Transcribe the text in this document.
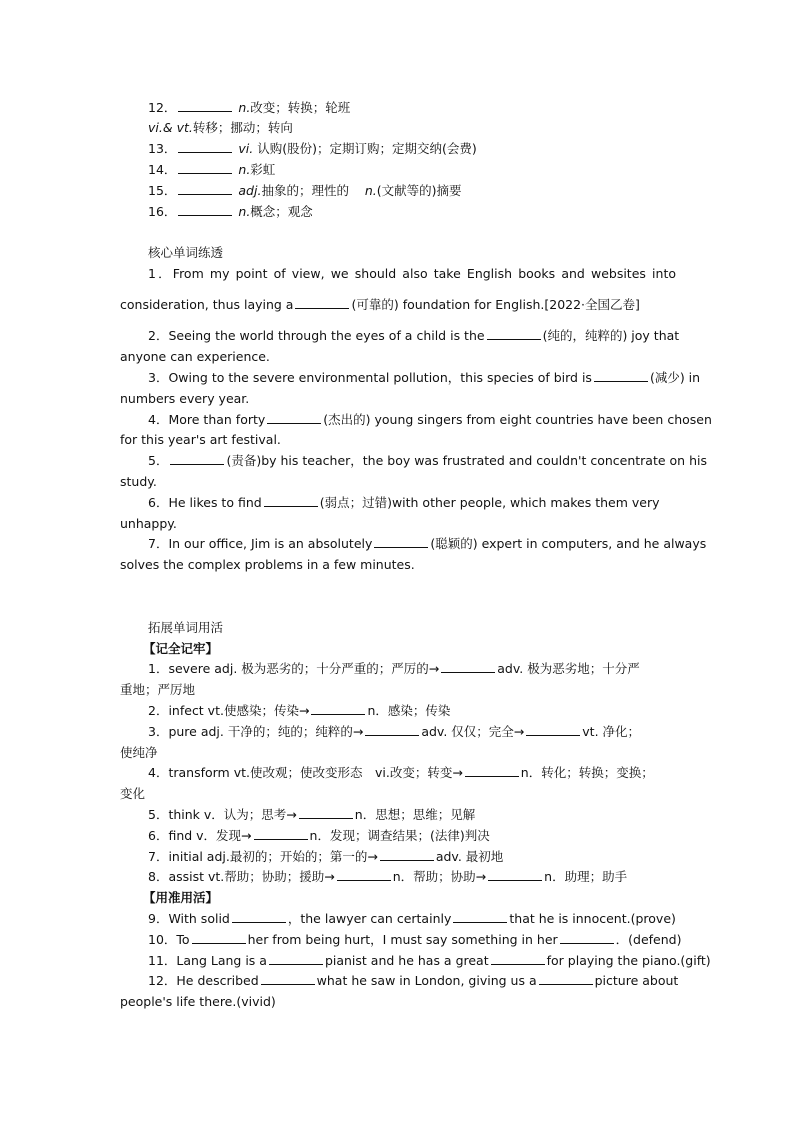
12．	n.改变；转换；轮班
vi.& vt.转移；挪动；转向
13．	vi. 认购(股份)；定期订购；定期交纳(会费)
14．	n.彩虹
15．	adj.抽象的；理性的 n.(文献等的)摘要
16．	n.概念；观念
核心单词练透
1．From my point of view, we should also take English books and websites into
consideration, thus laying a	(可靠的) foundation for English.[2022·全国乙卷]
2．Seeing the world through the eyes of a child is the	(纯的，纯粹的) joy that
anyone can experience.
3．Owing to the severe environmental pollution，this species of bird is	(减少) in
numbers every year.
4．More than forty	(杰出的) young singers from eight countries have been chosen
for this year's art festival.
5．	(责备)by his teacher，the boy was frustrated and couldn't concentrate on his
study.
6．He likes to find	(弱点；过错)with other people, which makes them very
unhappy.
7．In our office, Jim is an absolutely	(聪颖的) expert in computers, and he always
solves the complex problems in a few minutes.
拓展单词用活
【记全记牢】
1．severe adj. 极为恶劣的；十分严重的；严厉的→	adv. 极为恶劣地；十分严
重地；严厉地
2．infect vt.使感染；传染→	n．感染；传染
3．pure adj. 干净的；纯的；纯粹的→	adv. 仅仅；完全→	vt. 净化；
使纯净
4．transform vt.使改观；使改变形态　vi.改变；转变→	n．转化；转换；变换；
变化
5．think v．认为；思考→	n．思想；思维；见解
6．find v．发现→	n．发现；调查结果；(法律)判决
7．initial adj.最初的；开始的；第一的→	adv. 最初地
8．assist vt.帮助；协助；援助→	n．帮助；协助→	n．助理；助手
【用准用活】
9．With solid	，the lawyer can certainly	that he is innocent.(prove)
10．To	her from being hurt，I must say something in her	．(defend)
11．Lang Lang is a	pianist and he has a great	for playing the piano.(gift)
12．He described	what he saw in London, giving us a	picture about
people's life there.(vivid)
